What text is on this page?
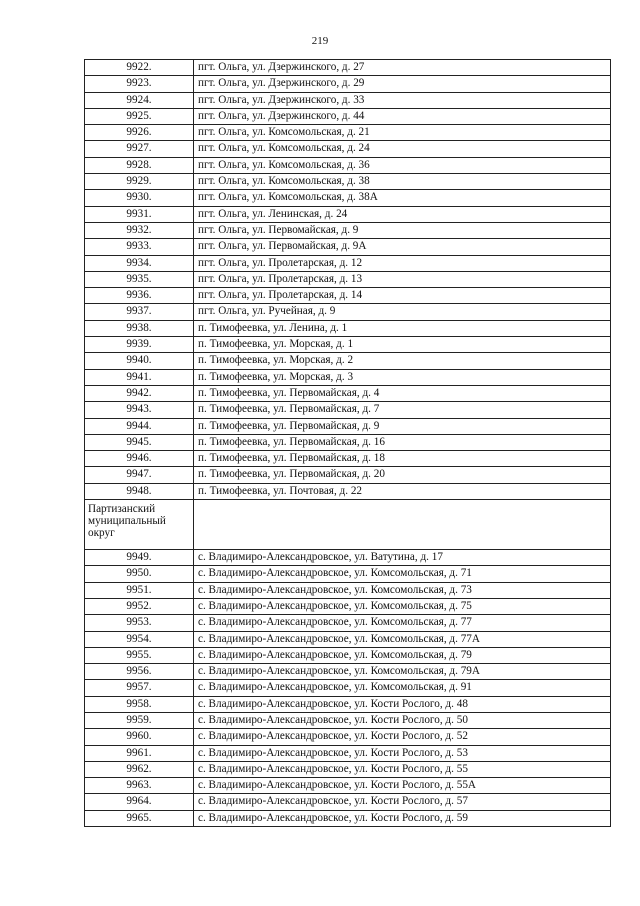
219
9922.	пгт. Ольга, ул. Дзержинского, д. 27
9923.	пгт. Ольга, ул. Дзержинского, д. 29
9924.	пгт. Ольга, ул. Дзержинского, д. 33
9925.	пгт. Ольга, ул. Дзержинского, д. 44
9926.	пгт. Ольга, ул. Комсомольская, д. 21
9927.	пгт. Ольга, ул. Комсомольская, д. 24
9928.	пгт. Ольга, ул. Комсомольская, д. 36
9929.	пгт. Ольга, ул. Комсомольская, д. 38
9930.	пгт. Ольга, ул. Комсомольская, д. 38А
9931.	пгт. Ольга, ул. Ленинская, д. 24
9932.	пгт. Ольга, ул. Первомайская, д. 9
9933.	пгт. Ольга, ул. Первомайская, д. 9А
9934.	пгт. Ольга, ул. Пролетарская, д. 12
9935.	пгт. Ольга, ул. Пролетарская, д. 13
9936.	пгт. Ольга, ул. Пролетарская, д. 14
9937.	пгт. Ольга, ул. Ручейная, д. 9
9938.	п. Тимофеевка, ул. Ленина, д. 1
9939.	п. Тимофеевка, ул. Морская, д. 1
9940.	п. Тимофеевка, ул. Морская, д. 2
9941.	п. Тимофеевка, ул. Морская, д. 3
9942.	п. Тимофеевка, ул. Первомайская, д. 4
9943.	п. Тимофеевка, ул. Первомайская, д. 7
9944.	п. Тимофеевка, ул. Первомайская, д. 9
9945.	п. Тимофеевка, ул. Первомайская, д. 16
9946.	п. Тимофеевка, ул. Первомайская, д. 18
9947.	п. Тимофеевка, ул. Первомайская, д. 20
9948.	п. Тимофеевка, ул. Почтовая, д. 22
Партизанский муниципальный округ	
9949.	с. Владимиро-Александровское, ул. Ватутина, д. 17
9950.	с. Владимиро-Александровское, ул. Комсомольская, д. 71
9951.	с. Владимиро-Александровское, ул. Комсомольская, д. 73
9952.	с. Владимиро-Александровское, ул. Комсомольская, д. 75
9953.	с. Владимиро-Александровское, ул. Комсомольская, д. 77
9954.	с. Владимиро-Александровское, ул. Комсомольская, д. 77А
9955.	с. Владимиро-Александровское, ул. Комсомольская, д. 79
9956.	с. Владимиро-Александровское, ул. Комсомольская, д. 79А
9957.	с. Владимиро-Александровское, ул. Комсомольская, д. 91
9958.	с. Владимиро-Александровское, ул. Кости Рослого, д. 48
9959.	с. Владимиро-Александровское, ул. Кости Рослого, д. 50
9960.	с. Владимиро-Александровское, ул. Кости Рослого, д. 52
9961.	с. Владимиро-Александровское, ул. Кости Рослого, д. 53
9962.	с. Владимиро-Александровское, ул. Кости Рослого, д. 55
9963.	с. Владимиро-Александровское, ул. Кости Рослого, д. 55А
9964.	с. Владимиро-Александровское, ул. Кости Рослого, д. 57
9965.	с. Владимиро-Александровское, ул. Кости Рослого, д. 59
